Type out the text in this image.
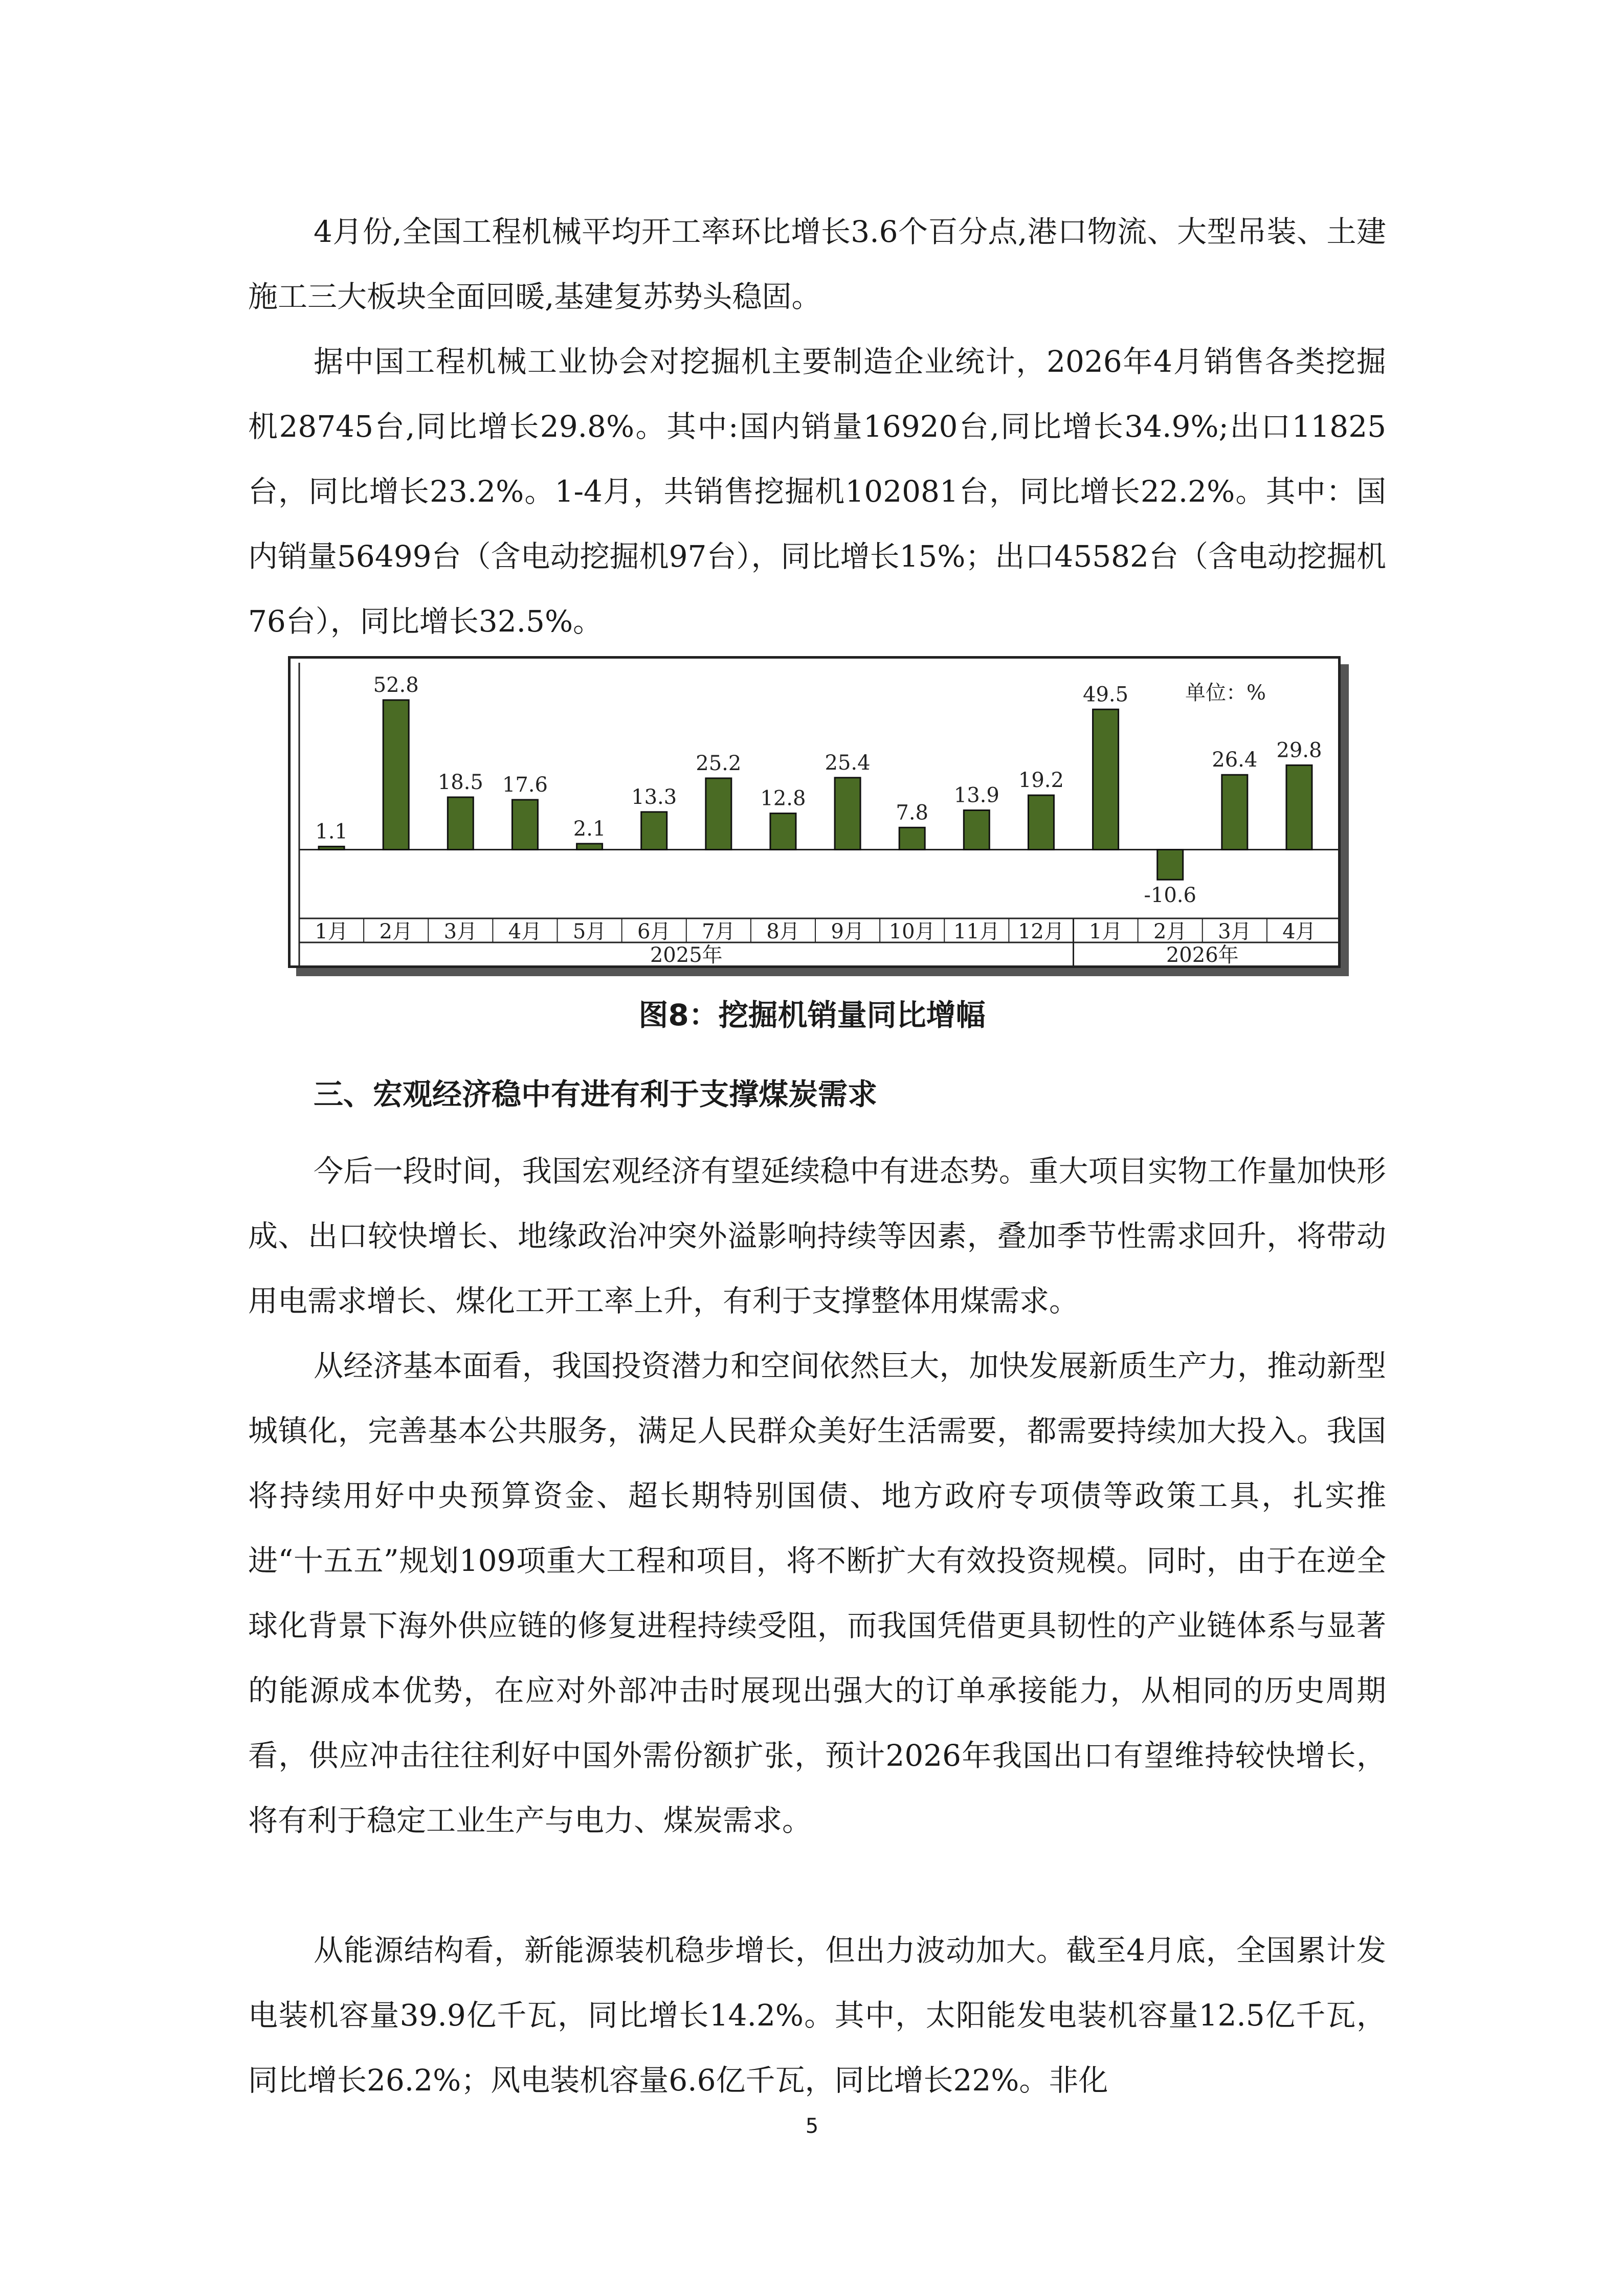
4月份,全国工程机械平均开工率环比增长3.6个百分点,港口物流、大型吊装、土建施工三大板块全面回暖,基建复苏势头稳固。

据中国工程机械工业协会对挖掘机主要制造企业统计，2026年4月销售各类挖掘机28745台,同比增长29.8%。其中:国内销量16920台,同比增长34.9%;出口11825台，同比增长23.2%。1-4月，共销售挖掘机102081台，同比增长22.2%。其中：国内销量56499台（含电动挖掘机97台），同比增长15%；出口45582台（含电动挖掘机76台），同比增长32.5%。

1.1
52.8
18.5 17.6
2.1
13.3
25.2
12.8
25.4
7.8
13.9
19.2
49.5
-10.6
26.4 29.8
1月 2月 3月 4月 5月 6月 7月 8月 9月 10月 11月 12月 1月 2月 3月 4月
2025年	2026年
单位：%
图8：挖掘机销量同比增幅
三、宏观经济稳中有进有利于支撑煤炭需求

今后一段时间，我国宏观经济有望延续稳中有进态势。重大项目实物工作量加快形成、出口较快增长、地缘政治冲突外溢影响持续等因素，叠加季节性需求回升，将带动用电需求增长、煤化工开工率上升，有利于支撑整体用煤需求。

从经济基本面看，我国投资潜力和空间依然巨大，加快发展新质生产力，推动新型城镇化，完善基本公共服务，满足人民群众美好生活需要，都需要持续加大投入。我国将持续用好中央预算资金、超长期特别国债、地方政府专项债等政策工具，扎实推进“十五五”规划109项重大工程和项目，将不断扩大有效投资规模。同时，由于在逆全球化背景下海外供应链的修复进程持续受阻，而我国凭借更具韧性的产业链体系与显著的能源成本优势，在应对外部冲击时展现出强大的订单承接能力，从相同的历史周期看，供应冲击往往利好中国外需份额扩张，预计2026年我国出口有望维持较快增长，将有利于稳定工业生产与电力、煤炭需求。

从能源结构看，新能源装机稳步增长，但出力波动加大。截至4月底，全国累计发电装机容量39.9亿千瓦，同比增长14.2%。其中，太阳能发电装机容量12.5亿千瓦，同比增长26.2%；风电装机容量6.6亿千瓦，同比增长22%。非化

5
